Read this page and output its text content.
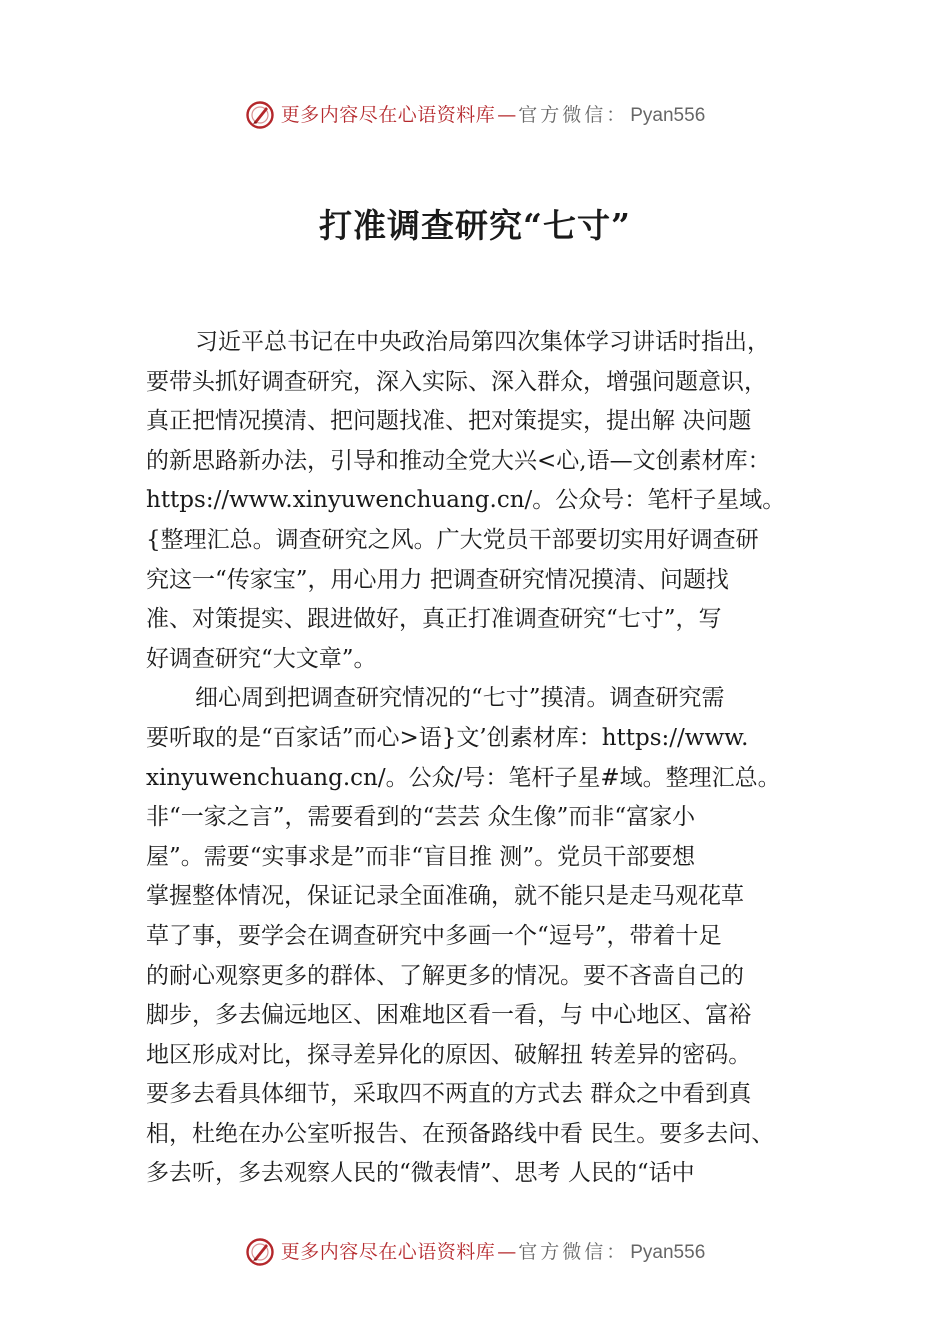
更多内容尽在心语资料库 — 官方微信： Pyan556
打准调查研究“七寸”
习近平总书记在中央政治局第四次集体学习讲话时指出，
要带头抓好调查研究，深入实际、深入群众，增强问题意识，
真正把情况摸清、把问题找准、把对策提实，提出解 决问题
的新思路新办法，引导和推动全党大兴<心,语—文创素材库：
https://www.xinyuwenchuang.cn/。公众号：笔杆子星域。
{整理汇总。调查研究之风。广大党员干部要切实用好调查研
究这一“传家宝”，用心用力 把调查研究情况摸清、问题找
准、对策提实、跟进做好，真正打准调查研究“七寸”，写
好调查研究“大文章”。
细心周到把调查研究情况的“七寸”摸清。调查研究需
要听取的是“百家话”而心>语}文’创素材库：https://www.
xinyuwenchuang.cn/。公众/号：笔杆子星#域。整理汇总。
非“一家之言”，需要看到的“芸芸 众生像”而非“富家小
屋”。需要“实事求是”而非“盲目推 测”。党员干部要想
掌握整体情况，保证记录全面准确，就不能只是走马观花草
草了事，要学会在调查研究中多画一个“逗号”，带着十足
的耐心观察更多的群体、了解更多的情况。要不吝啬自己的
脚步，多去偏远地区、困难地区看一看，与 中心地区、富裕
地区形成对比，探寻差异化的原因、破解扭 转差异的密码。
要多去看具体细节，采取四不两直的方式去 群众之中看到真
相，杜绝在办公室听报告、在预备路线中看 民生。要多去问、
多去听，多去观察人民的“微表情”、思考 人民的“话中
更多内容尽在心语资料库 — 官方微信： Pyan556
